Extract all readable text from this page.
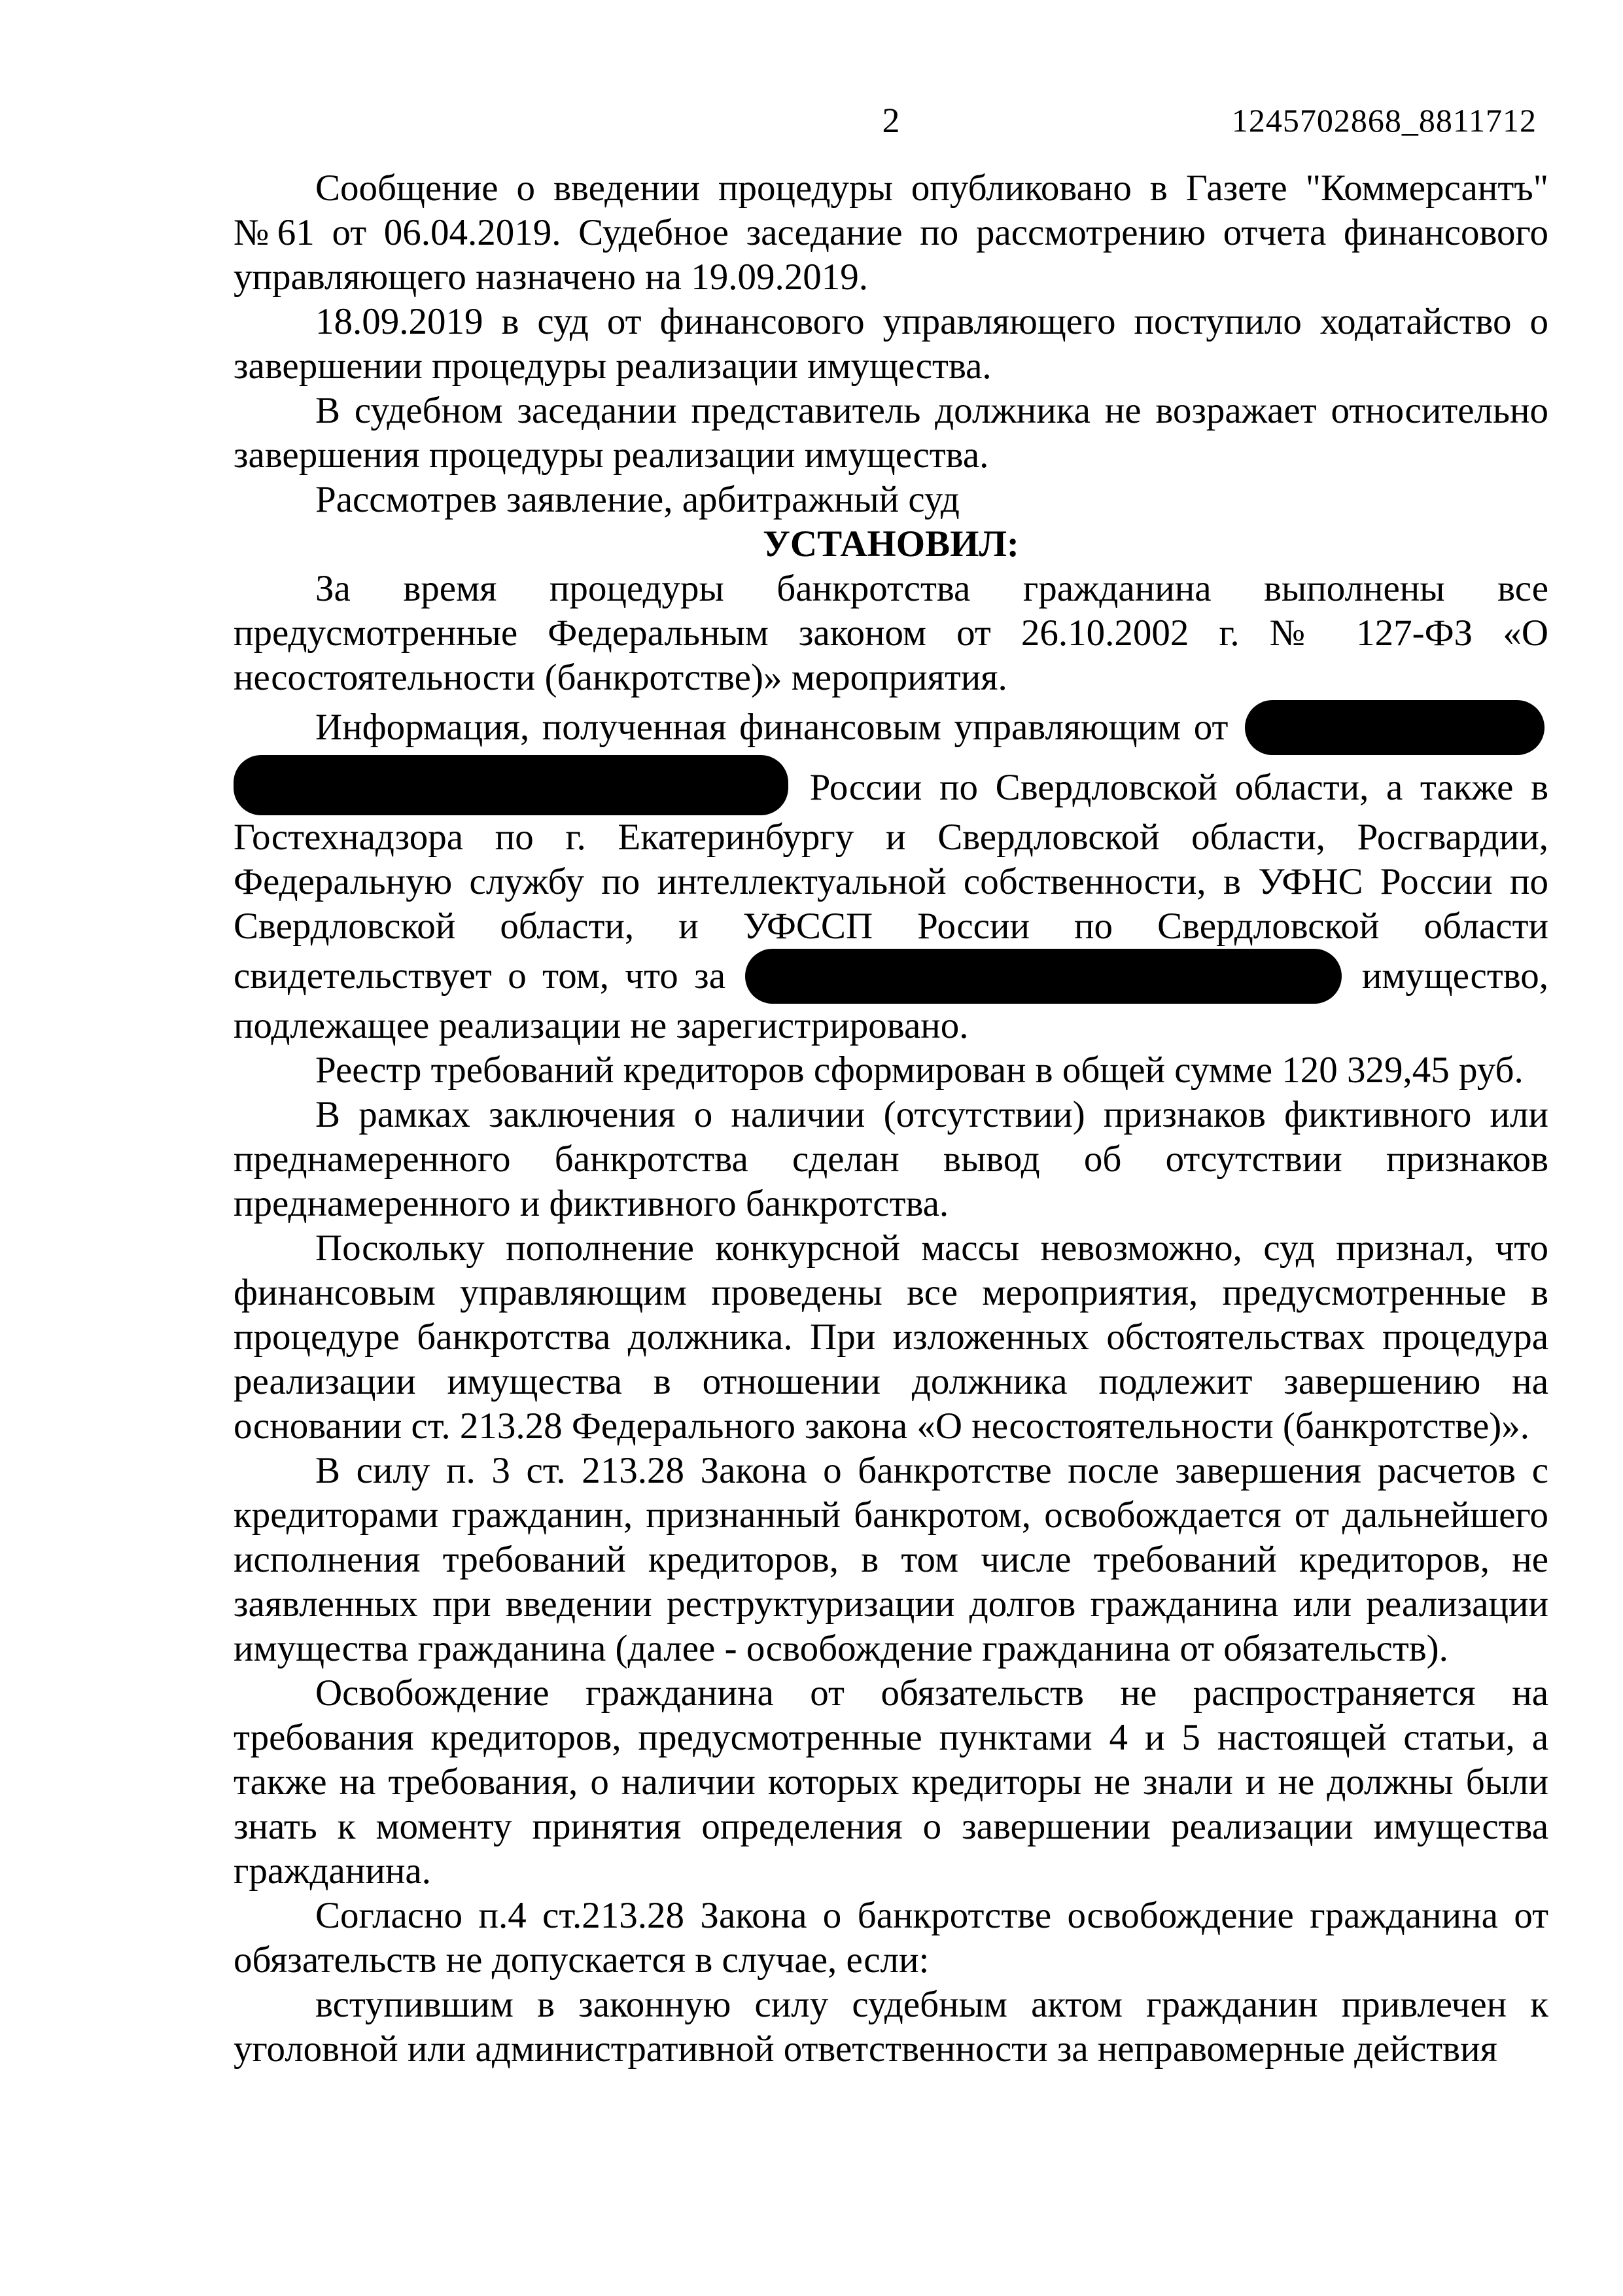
2	1245702868_8811712

Сообщение о введении процедуры опубликовано в Газете "Коммерсантъ" №61 от 06.04.2019. Судебное заседание по рассмотрению отчета финансового управляющего назначено на 19.09.2019.

18.09.2019 в суд от финансового управляющего поступило ходатайство о завершении процедуры реализации имущества.

В судебном заседании представитель должника не возражает относительно завершения процедуры реализации имущества.

Рассмотрев заявление, арбитражный суд

УСТАНОВИЛ:

За время процедуры банкротства гражданина выполнены все предусмотренные Федеральным законом от 26.10.2002 г. № 127-ФЗ «О несостоятельности (банкротстве)» мероприятия.

Информация, полученная финансовым управляющим от   России по Свердловской области, а также в Гостехнадзора по г. Екатеринбургу и Свердловской области, Росгвардии, Федеральную службу по интеллектуальной собственности, в УФНС России по Свердловской области, и УФССП России по Свердловской области свидетельствует о том, что за	имущество, подлежащее реализации не зарегистрировано.

Реестр требований кредиторов сформирован в общей сумме 120 329,45 руб.

В рамках заключения о наличии (отсутствии) признаков фиктивного или преднамеренного банкротства сделан вывод об отсутствии признаков преднамеренного и фиктивного банкротства.

Поскольку пополнение конкурсной массы невозможно, суд признал, что финансовым управляющим проведены все мероприятия, предусмотренные в процедуре банкротства должника. При изложенных обстоятельствах процедура реализации имущества в отношении должника подлежит завершению на основании ст. 213.28 Федерального закона «О несостоятельности (банкротстве)».

В силу п. 3 ст. 213.28 Закона о банкротстве после завершения расчетов с кредиторами гражданин, признанный банкротом, освобождается от дальнейшего исполнения требований кредиторов, в том числе требований кредиторов, не заявленных при введении реструктуризации долгов гражданина или реализации имущества гражданина (далее - освобождение гражданина от обязательств).

Освобождение гражданина от обязательств не распространяется на требования кредиторов, предусмотренные пунктами 4 и 5 настоящей статьи, а также на требования, о наличии которых кредиторы не знали и не должны были знать к моменту принятия определения о завершении реализации имущества гражданина.

Согласно п.4 ст.213.28 Закона о банкротстве освобождение гражданина от обязательств не допускается в случае, если:

вступившим в законную силу судебным актом гражданин привлечен к уголовной или административной ответственности за неправомерные действия
